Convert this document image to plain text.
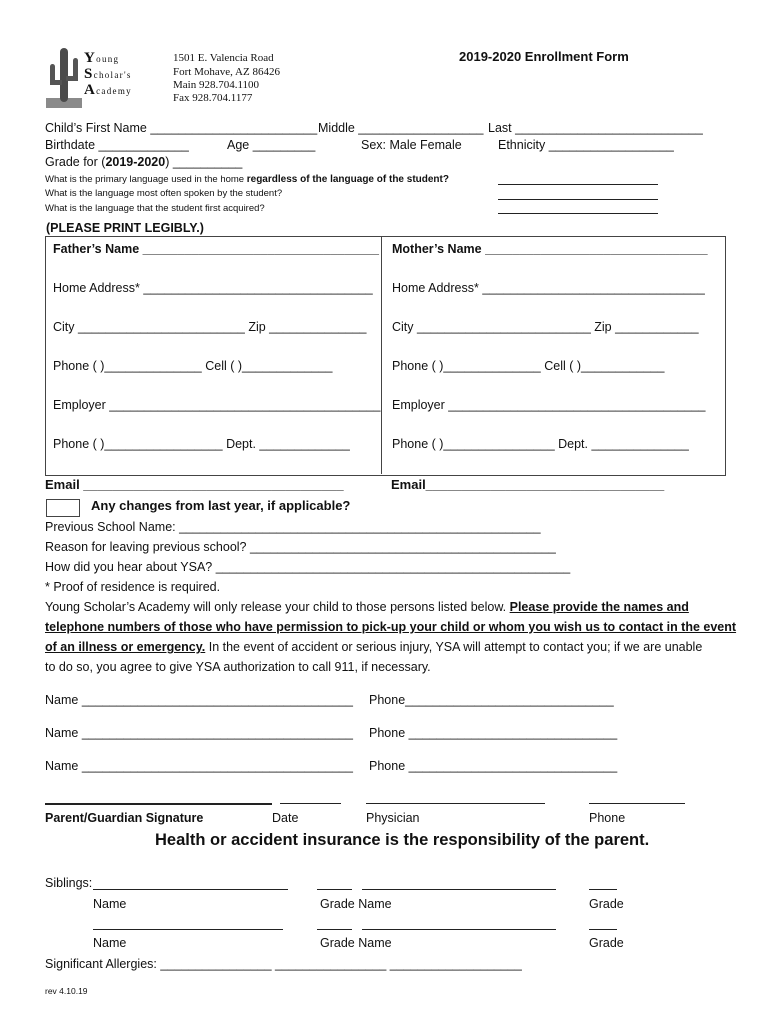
Young
Scholar's
Academy
1501 E. Valencia Road
Fort Mohave, AZ 86426
Main 928.704.1100
Fax 928.704.1177
2019-2020 Enrollment Form
Child’s First Name ________________________ Middle __________________ Last ___________________________
Birthdate _____________	Age _________	Sex: Male Female	Ethnicity __________________
Grade for (2019-2020) __________
What is the primary language used in the home regardless of the language of the student?
What is the language most often spoken by the student?
What is the language that the student first acquired?
(PLEASE PRINT LEGIBLY.)
Father’s Name __________________________________
Home Address* _________________________________
City ________________________ Zip ______________
Phone ( )______________ Cell ( )_____________
Employer _______________________________________
Phone ( )_________________ Dept. _____________
Mother’s Name ________________________________
Home Address* ________________________________
City _________________________ Zip ____________
Phone ( )______________ Cell ( )____________
Employer _____________________________________
Phone ( )________________ Dept. ______________
Email ____________________________________	Email_________________________________
Any changes from last year, if applicable?
Previous School Name: ____________________________________________________
Reason for leaving previous school? ____________________________________________
How did you hear about YSA? ___________________________________________________
* Proof of residence is required.
Young Scholar’s Academy will only release your child to those persons listed below. Please provide the names and
telephone numbers of those who have permission to pick-up your child or whom you wish us to contact in the event
of an illness or emergency. In the event of accident or serious injury, YSA will attempt to contact you; if we are unable
to do so, you agree to give YSA authorization to call 911, if necessary.
Name _______________________________________ Phone______________________________
Name _______________________________________ Phone ______________________________
Name _______________________________________ Phone ______________________________
Parent/Guardian Signature	Date	Physician	Phone
Health or accident insurance is the responsibility of the parent.
Siblings:
Name	Grade Name	Grade
Name	Grade Name	Grade
Significant Allergies: ________________ ________________ ___________________
rev 4.10.19
